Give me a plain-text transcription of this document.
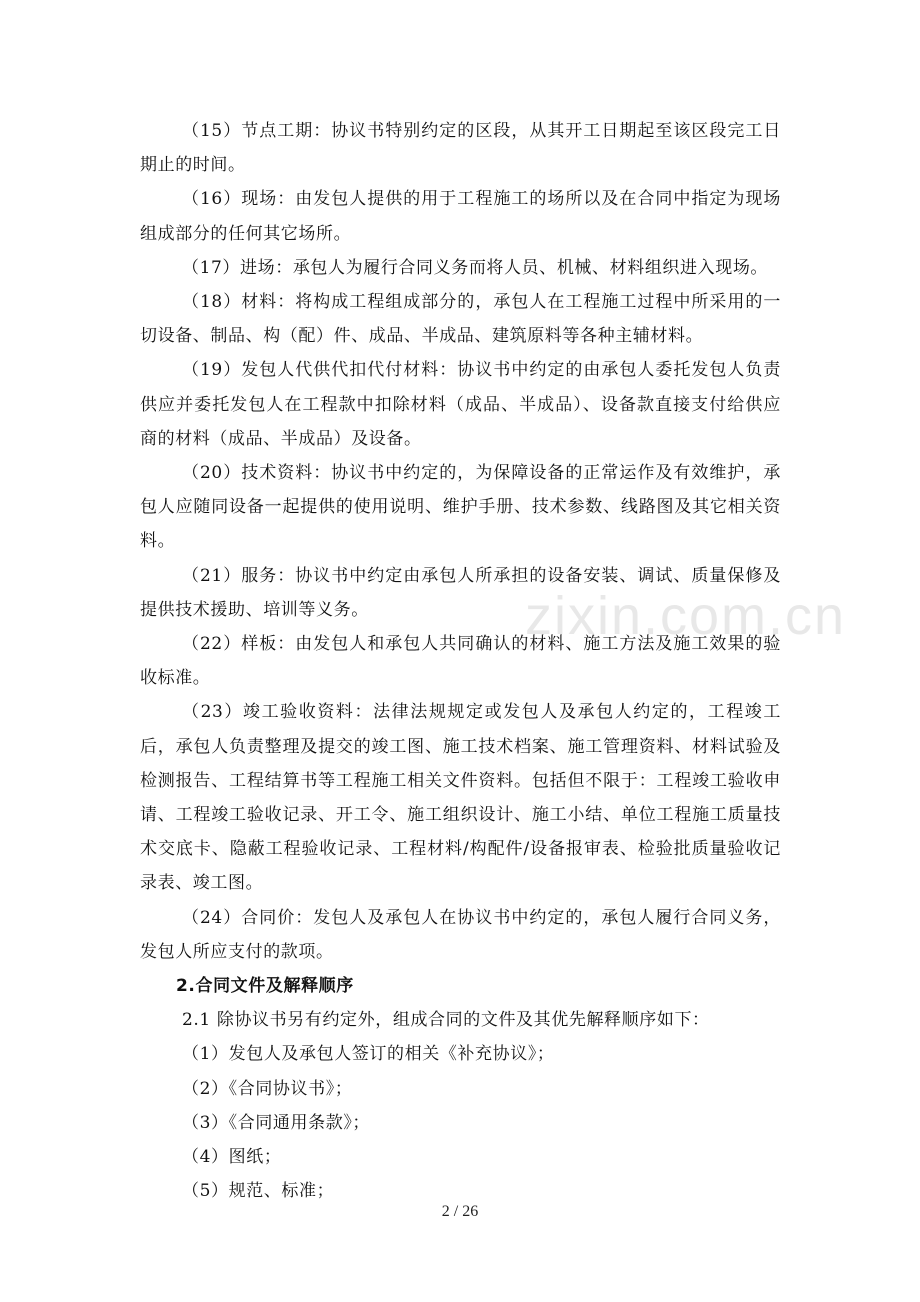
（15）节点工期：协议书特别约定的区段，从其开工日期起至该区段完工日期止的时间。

（16）现场：由发包人提供的用于工程施工的场所以及在合同中指定为现场组成部分的任何其它场所。

（17）进场：承包人为履行合同义务而将人员、机械、材料组织进入现场。

（18）材料：将构成工程组成部分的，承包人在工程施工过程中所采用的一切设备、制品、构（配）件、成品、半成品、建筑原料等各种主辅材料。

（19）发包人代供代扣代付材料：协议书中约定的由承包人委托发包人负责供应并委托发包人在工程款中扣除材料（成品、半成品）、设备款直接支付给供应商的材料（成品、半成品）及设备。

（20）技术资料：协议书中约定的，为保障设备的正常运作及有效维护，承包人应随同设备一起提供的使用说明、维护手册、技术参数、线路图及其它相关资料。

（21）服务：协议书中约定由承包人所承担的设备安装、调试、质量保修及提供技术援助、培训等义务。

（22）样板：由发包人和承包人共同确认的材料、施工方法及施工效果的验收标准。

（23）竣工验收资料：法律法规规定或发包人及承包人约定的，工程竣工后，承包人负责整理及提交的竣工图、施工技术档案、施工管理资料、材料试验及检测报告、工程结算书等工程施工相关文件资料。包括但不限于：工程竣工验收申请、工程竣工验收记录、开工令、施工组织设计、施工小结、单位工程施工质量技术交底卡、隐蔽工程验收记录、工程材料/构配件/设备报审表、检验批质量验收记录表、竣工图。

（24）合同价：发包人及承包人在协议书中约定的，承包人履行合同义务，发包人所应支付的款项。

2.合同文件及解释顺序

2.1 除协议书另有约定外，组成合同的文件及其优先解释顺序如下：

（1）发包人及承包人签订的相关《补充协议》；

（2）《合同协议书》；

（3）《合同通用条款》；

（4）图纸；

（5）规范、标准；

zixin.com.cn
2 / 26
